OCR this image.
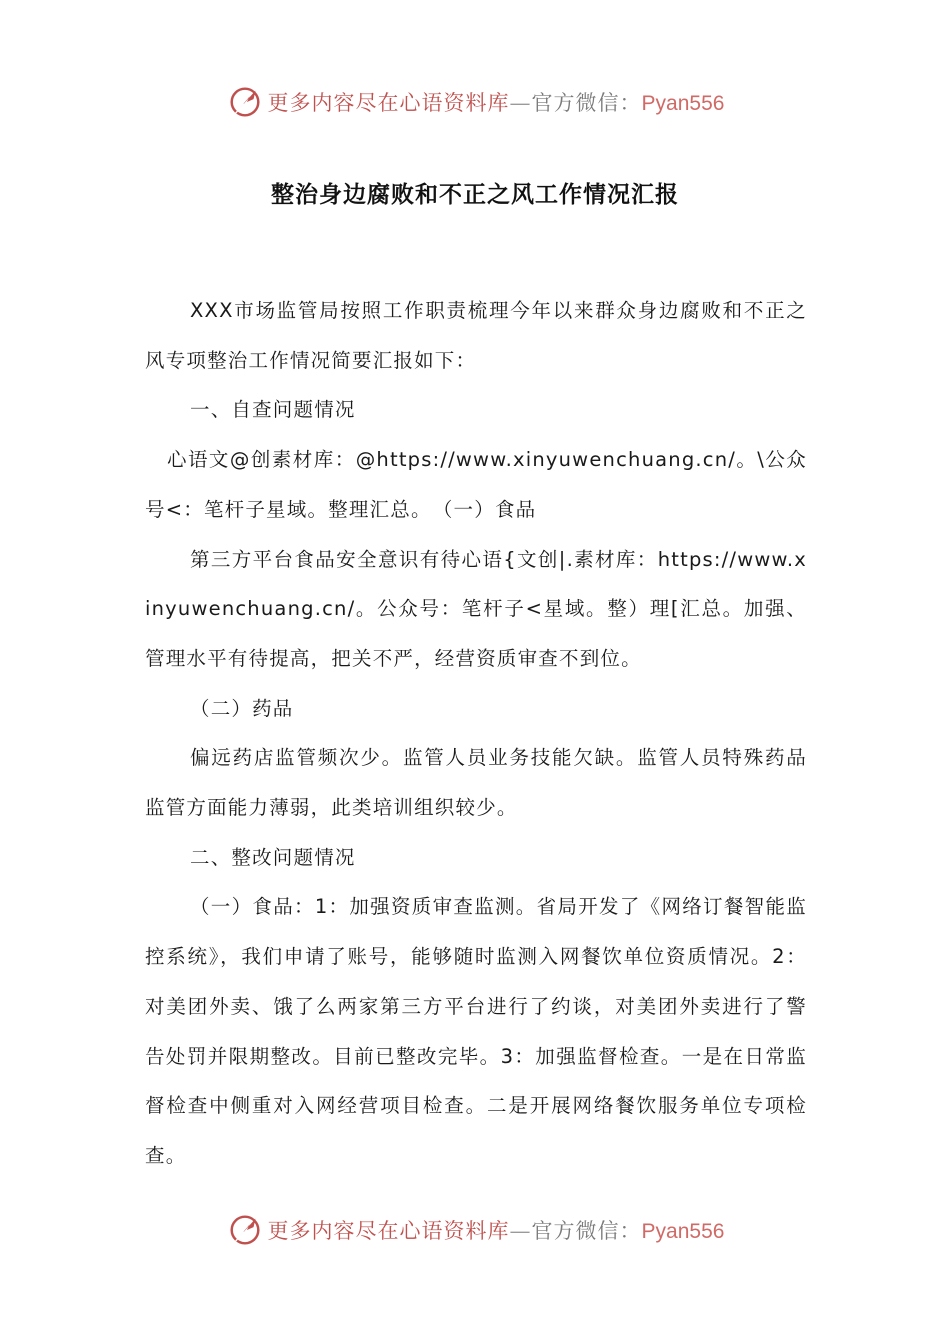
更多内容尽在心语资料库—官方微信：Pyan556
整治身边腐败和不正之风工作情况汇报

XXX市场监管局按照工作职责梳理今年以来群众身边腐败和不正之风专项整治工作情况简要汇报如下：

一、自查问题情况

心语文@创素材库：@https://www.xinyuwenchuang.cn/。\公众号<：笔杆子星域。整理汇总。　（一）食品

第三方平台食品安全意识有待心语{文创|.素材库：https://www.xinyuwenchuang.cn/。公众号：笔杆子<星域。整）理[汇总。加强、管理水平有待提高，把关不严，经营资质审查不到位。

（二）药品

偏远药店监管频次少。监管人员业务技能欠缺。监管人员特殊药品监管方面能力薄弱，此类培训组织较少。

二、整改问题情况

（一）食品：1：加强资质审查监测。省局开发了《网络订餐智能监控系统》，我们申请了账号，能够随时监测入网餐饮单位资质情况。2：对美团外卖、饿了么两家第三方平台进行了约谈，对美团外卖进行了警告处罚并限期整改。目前已整改完毕。3：加强监督检查。一是在日常监督检查中侧重对入网经营项目检查。二是开展网络餐饮服务单位专项检查。

更多内容尽在心语资料库—官方微信：Pyan556
